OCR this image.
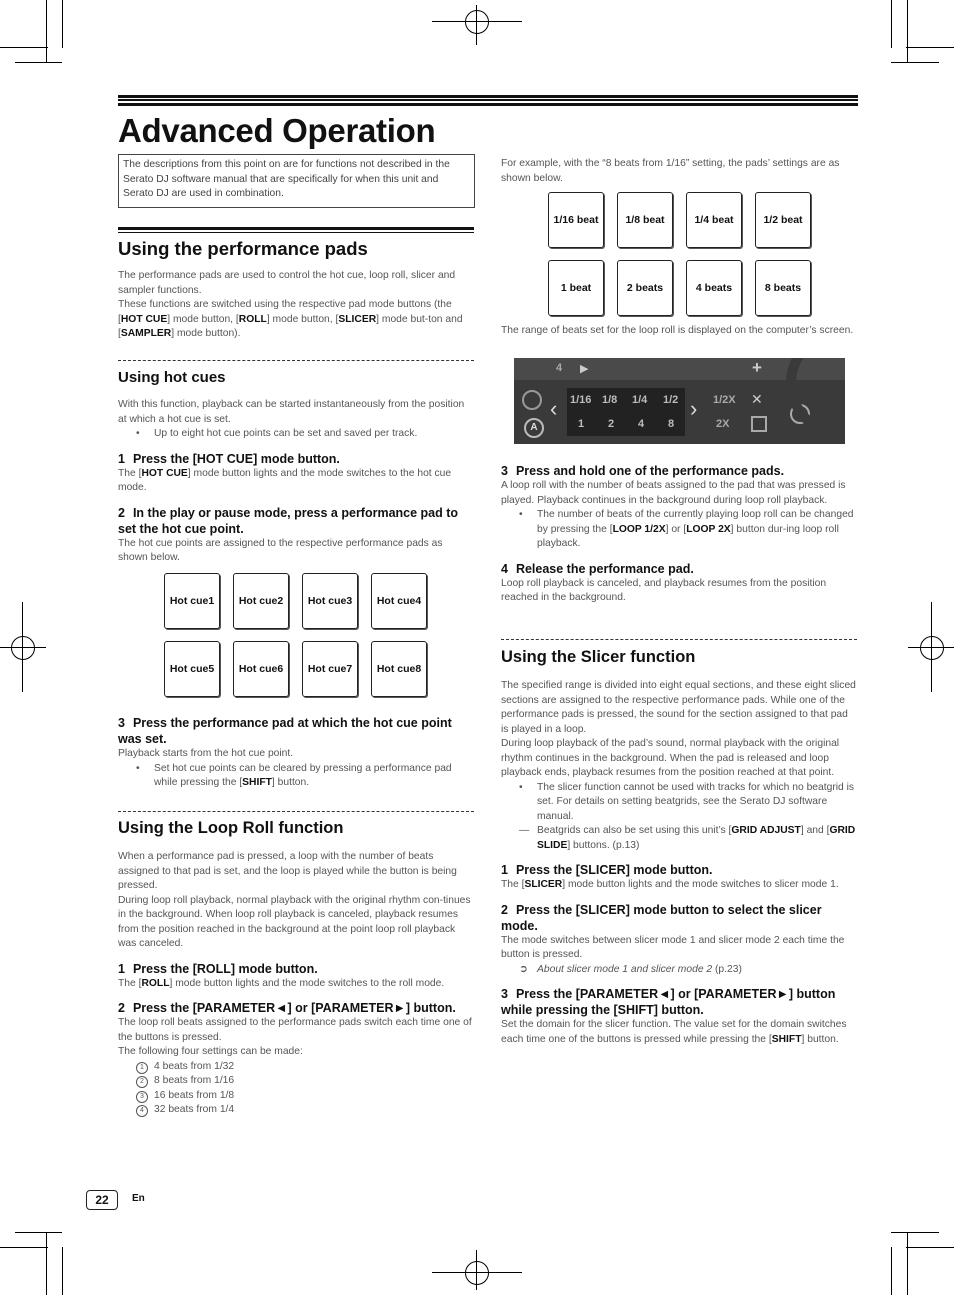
Advanced Operation
The descriptions from this point on are for functions not described in the Serato DJ software manual that are specifically for when this unit and Serato DJ are used in combination.

Using the performance pads

The performance pads are used to control the hot cue, loop roll, slicer and sampler functions.

These functions are switched using the respective pad mode buttons (the [HOT CUE] mode button, [ROLL] mode button, [SLICER] mode but-ton and [SAMPLER] mode button).

Using hot cues

With this function, playback can be started instantaneously from the position at which a hot cue is set.

• Up to eight hot cue points can be set and saved per track.

1 Press the [HOT CUE] mode button.

The [HOT CUE] mode button lights and the mode switches to the hot cue mode.

2 In the play or pause mode, press a performance pad to set the hot cue point.

The hot cue points are assigned to the respective performance pads as shown below.

Hot cue1	Hot cue2	Hot cue3	Hot cue4
Hot cue5	Hot cue6	Hot cue7	Hot cue8

3 Press the performance pad at which the hot cue point was set.

Playback starts from the hot cue point.

• Set hot cue points can be cleared by pressing a performance pad while pressing the [SHIFT] button.

Using the Loop Roll function

When a performance pad is pressed, a loop with the number of beats assigned to that pad is set, and the loop is played while the button is being pressed.

During loop roll playback, normal playback with the original rhythm con-tinues in the background. When loop roll playback is canceled, playback resumes from the position reached in the background at the point loop roll playback was canceled.

1 Press the [ROLL] mode button.

The [ROLL] mode button lights and the mode switches to the roll mode.

2 Press the [PARAMETER◄] or [PARAMETER►] button.

The loop roll beats assigned to the performance pads switch each time one of the buttons is pressed.

The following four settings can be made:

1 4 beats from 1/32

2 8 beats from 1/16

3 16 beats from 1/8

4 32 beats from 1/4

For example, with the “8 beats from 1/16” setting, the pads’ settings are as shown below.

1/16 beat	1/8 beat	1/4 beat	1/2 beat
1 beat	2 beats	4 beats	8 beats

The range of beats set for the loop roll is displayed on the computer’s screen.

4 ▶	+
A
‹ 1/16 1/8 1/4 1/2
1 2 4 8
› 1/2X
2X
✕

3 Press and hold one of the performance pads.

A loop roll with the number of beats assigned to the pad that was pressed is played. Playback continues in the background during loop roll playback.

• The number of beats of the currently playing loop roll can be changed by pressing the [LOOP 1/2X] or [LOOP 2X] button dur-ing loop roll playback.

4 Release the performance pad.

Loop roll playback is canceled, and playback resumes from the position reached in the background.

Using the Slicer function

The specified range is divided into eight equal sections, and these eight sliced sections are assigned to the respective performance pads. While one of the performance pads is pressed, the sound for the section assigned to that pad is played in a loop.

During loop playback of the pad’s sound, normal playback with the original rhythm continues in the background. When the pad is released and loop playback ends, playback resumes from the position reached at that point.

• The slicer function cannot be used with tracks for which no beatgrid is set. For details on setting beatgrids, see the Serato DJ software manual.

— Beatgrids can also be set using this unit’s [GRID ADJUST] and [GRID SLIDE] buttons. (p.13)

1 Press the [SLICER] mode button.

The [SLICER] mode button lights and the mode switches to slicer mode 1.

2 Press the [SLICER] mode button to select the slicer mode.

The mode switches between slicer mode 1 and slicer mode 2 each time the button is pressed.

➲ About slicer mode 1 and slicer mode 2 (p.23)

3 Press the [PARAMETER◄] or [PARAMETER►] button while pressing the [SHIFT] button.

Set the domain for the slicer function. The value set for the domain switches each time one of the buttons is pressed while pressing the [SHIFT] button.

22	En
